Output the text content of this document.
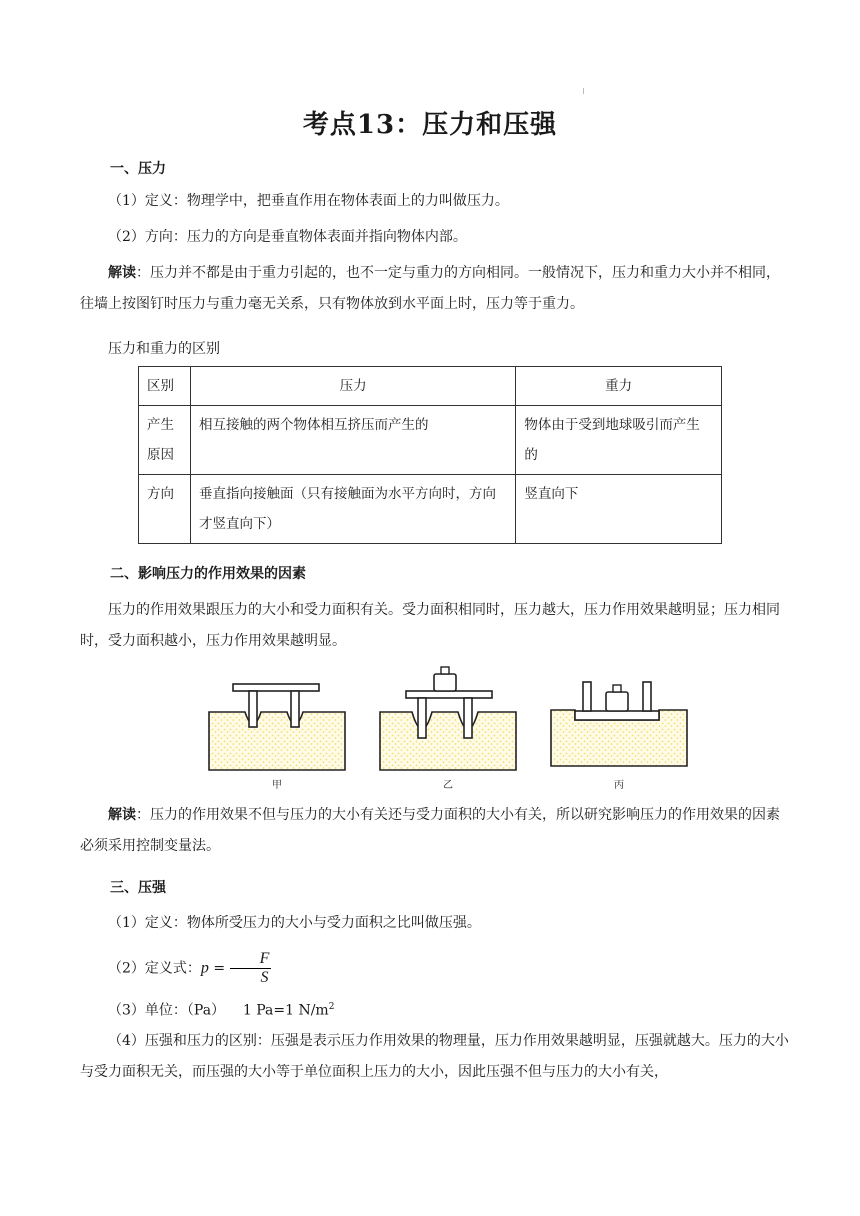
考点13：压力和压强

一、压力

（1）定义：物理学中，把垂直作用在物体表面上的力叫做压力。

（2）方向：压力的方向是垂直物体表面并指向物体内部。

解读：压力并不都是由于重力引起的，也不一定与重力的方向相同。一般情况下，压力和重力大小并不相同，往墙上按图钉时压力与重力毫无关系，只有物体放到水平面上时，压力等于重力。

压力和重力的区别

区别	压力	重力
产生原因	相互接触的两个物体相互挤压而产生的	物体由于受到地球吸引而产生的
方向	垂直指向接触面（只有接触面为水平方向时，方向才竖直向下）	竖直向下

二、影响压力的作用效果的因素

压力的作用效果跟压力的大小和受力面积有关。受力面积相同时，压力越大，压力作用效果越明显；压力相同时，受力面积越小，压力作用效果越明显。

甲	乙	丙

解读：压力的作用效果不但与压力的大小有关还与受力面积的大小有关，所以研究影响压力的作用效果的因素必须采用控制变量法。

三、压强

（1）定义：物体所受压力的大小与受力面积之比叫做压强。

（2）定义式：$p = \frac{F}{S}$

（3）单位：（Pa） 1 Pa=1 $N/m^2$

（4）压强和压力的区别：压强是表示压力作用效果的物理量，压力作用效果越明显，压强就越大。压力的大小与受力面积无关，而压强的大小等于单位面积上压力的大小，因此压强不但与压力的大小有关，
